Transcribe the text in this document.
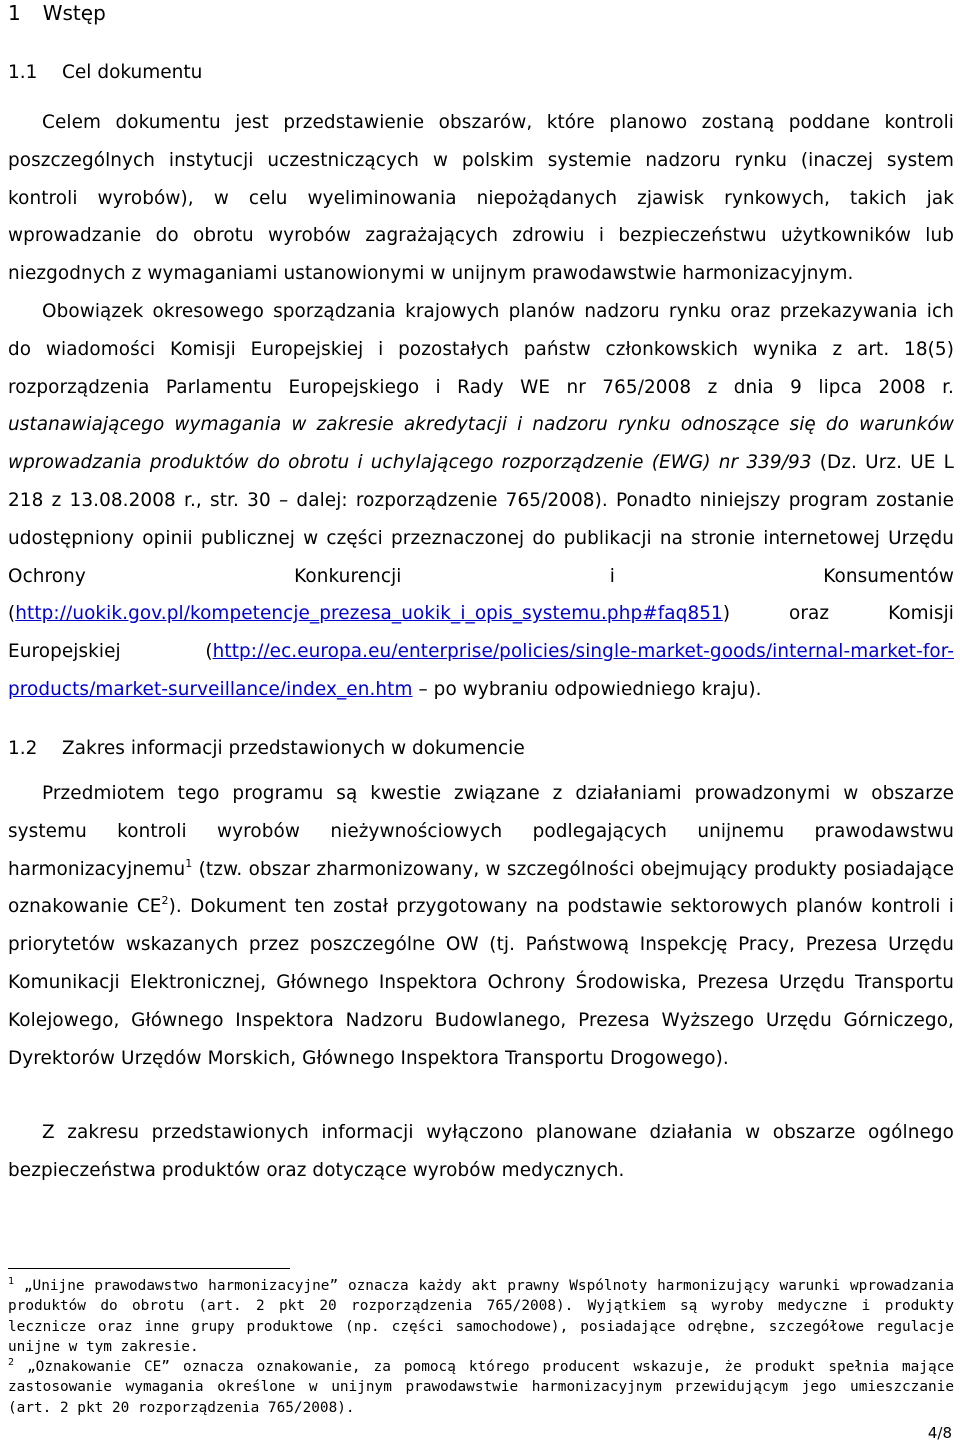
1 Wstęp
1.1 Cel dokumentu

Celem dokumentu jest przedstawienie obszarów, które planowo zostaną poddane kontroli poszczególnych instytucji uczestniczących w polskim systemie nadzoru rynku (inaczej system kontroli wyrobów), w celu wyeliminowania niepożądanych zjawisk rynkowych, takich jak wprowadzanie do obrotu wyrobów zagrażających zdrowiu i bezpieczeństwu użytkowników lub niezgodnych z wymaganiami ustanowionymi w unijnym prawodawstwie harmonizacyjnym.

Obowiązek okresowego sporządzania krajowych planów nadzoru rynku oraz przekazywania ich do wiadomości Komisji Europejskiej i pozostałych państw członkowskich wynika z art. 18(5) rozporządzenia Parlamentu Europejskiego i Rady WE nr 765/2008 z dnia 9 lipca 2008 r. ustanawiającego wymagania w zakresie akredytacji i nadzoru rynku odnoszące się do warunków wprowadzania produktów do obrotu i uchylającego rozporządzenie (EWG) nr 339/93 (Dz. Urz. UE L 218 z 13.08.2008 r., str. 30 – dalej: rozporządzenie 765/2008). Ponadto niniejszy program zostanie udostępniony opinii publicznej w części przeznaczonej do publikacji na stronie internetowej Urzędu Ochrony Konkurencji i Konsumentów (http://uokik.gov.pl/kompetencje_prezesa_uokik_i_opis_systemu.php#faq851) oraz Komisji Europejskiej (http://ec.europa.eu/enterprise/policies/single-market-goods/internal-market-for-products/market-surveillance/index_en.htm – po wybraniu odpowiedniego kraju).

1.2 Zakres informacji przedstawionych w dokumencie

Przedmiotem tego programu są kwestie związane z działaniami prowadzonymi w obszarze systemu kontroli wyrobów nieżywnościowych podlegających unijnemu prawodawstwu harmonizacyjnemu$^1$ (tzw. obszar zharmonizowany, w szczególności obejmujący produkty posiadające oznakowanie $CE^2$). Dokument ten został przygotowany na podstawie sektorowych planów kontroli i priorytetów wskazanych przez poszczególne OW (tj. Państwową Inspekcję Pracy, Prezesa Urzędu Komunikacji Elektronicznej, Głównego Inspektora Ochrony Środowiska, Prezesa Urzędu Transportu Kolejowego, Głównego Inspektora Nadzoru Budowlanego, Prezesa Wyższego Urzędu Górniczego, Dyrektorów Urzędów Morskich, Głównego Inspektora Transportu Drogowego).

Z zakresu przedstawionych informacji wyłączono planowane działania w obszarze ogólnego bezpieczeństwa produktów oraz dotyczące wyrobów medycznych.

$^1$ „Unijne prawodawstwo harmonizacyjne” oznacza każdy akt prawny Wspólnoty harmonizujący warunki wprowadzania produktów do obrotu (art. 2 pkt 20 rozporządzenia 765/2008). Wyjątkiem są wyroby medyczne i produkty lecznicze oraz inne grupy produktowe (np. części samochodowe), posiadające odrębne, szczegółowe regulacje unijne w tym zakresie.

$^2$ „Oznakowanie CE” oznacza oznakowanie, za pomocą którego producent wskazuje, że produkt spełnia mające zastosowanie wymagania określone w unijnym prawodawstwie harmonizacyjnym przewidującym jego umieszczanie (art. 2 pkt 20 rozporządzenia 765/2008).

4/8
